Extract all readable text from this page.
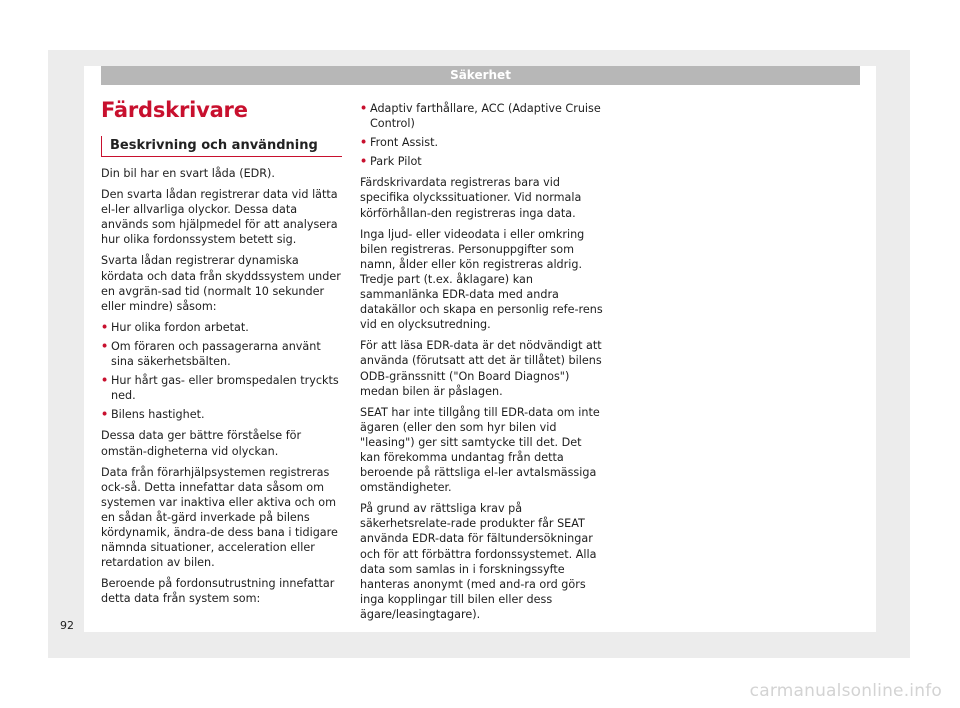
Säkerhet
Färdskrivare
Beskrivning och användning

Din bil har en svart låda (EDR).

Den svarta lådan registrerar data vid lätta el-ler allvarliga olyckor. Dessa data används som hjälpmedel för att analysera hur olika fordonssystem betett sig.

Svarta lådan registrerar dynamiska kördata och data från skyddssystem under en avgrän-sad tid (normalt 10 sekunder eller mindre) såsom:

• Hur olika fordon arbetat.
• Om föraren och passagerarna använt sina säkerhetsbälten.
• Hur hårt gas- eller bromspedalen tryckts ned.
• Bilens hastighet.

Dessa data ger bättre förståelse för omstän-digheterna vid olyckan.

Data från förarhjälpsystemen registreras ock-så. Detta innefattar data såsom om systemen var inaktiva eller aktiva och om en sådan åt-gärd inverkade på bilens kördynamik, ändra-de dess bana i tidigare nämnda situationer, acceleration eller retardation av bilen.

Beroende på fordonsutrustning innefattar detta data från system som:

• Adaptiv farthållare, ACC (Adaptive Cruise Control)
• Front Assist.
• Park Pilot

Färdskrivardata registreras bara vid specifika olyckssituationer. Vid normala körförhållan-den registreras inga data.

Inga ljud- eller videodata i eller omkring bilen registreras. Personuppgifter som namn, ålder eller kön registreras aldrig. Tredje part (t.ex. åklagare) kan sammanlänka EDR-data med andra datakällor och skapa en personlig refe-rens vid en olycksutredning.

För att läsa EDR-data är det nödvändigt att använda (förutsatt att det är tillåtet) bilens ODB-gränssnitt ("On Board Diagnos") medan bilen är påslagen.

SEAT har inte tillgång till EDR-data om inte ägaren (eller den som hyr bilen vid "leasing") ger sitt samtycke till det. Det kan förekomma undantag från detta beroende på rättsliga el-ler avtalsmässiga omständigheter.

På grund av rättsliga krav på säkerhetsrelate-rade produkter får SEAT använda EDR-data för fältundersökningar och för att förbättra fordonssystemet. Alla data som samlas in i forskningssyfte hanteras anonymt (med and-ra ord görs inga kopplingar till bilen eller dess ägare/leasingtagare).

92
carmanualsonline.info
